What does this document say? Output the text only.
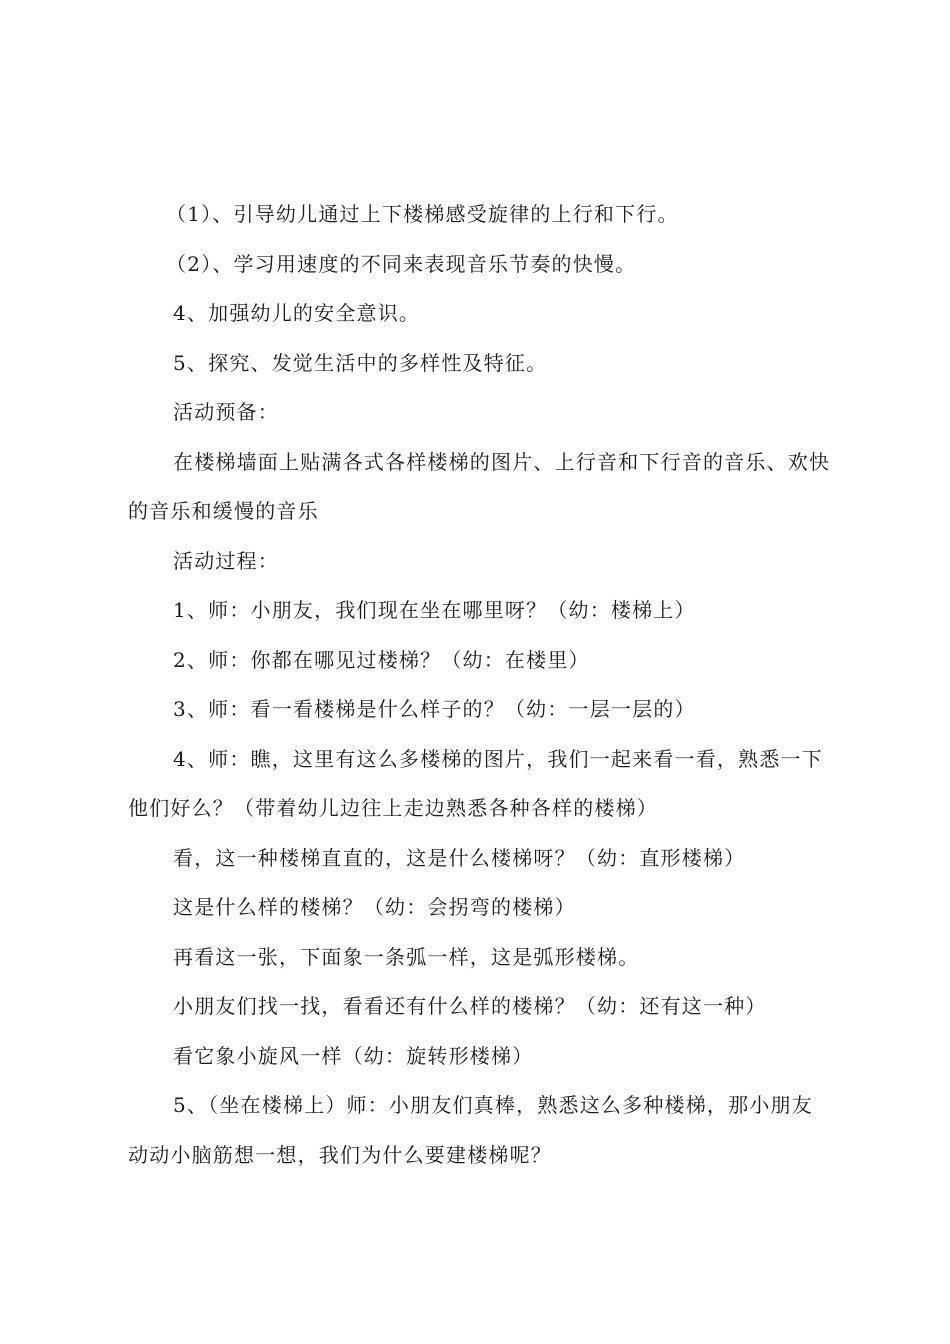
（1）、引导幼儿通过上下楼梯感受旋律的上行和下行。

（2）、学习用速度的不同来表现音乐节奏的快慢。

4、加强幼儿的安全意识。

5、探究、发觉生活中的多样性及特征。

活动预备：

在楼梯墙面上贴满各式各样楼梯的图片、上行音和下行音的音乐、欢快的音乐和缓慢的音乐

活动过程：

1、师：小朋友，我们现在坐在哪里呀？（幼：楼梯上）

2、师：你都在哪见过楼梯？（幼：在楼里）

3、师：看一看楼梯是什么样子的？（幼：一层一层的）

4、师：瞧，这里有这么多楼梯的图片，我们一起来看一看，熟悉一下他们好么？（带着幼儿边往上走边熟悉各种各样的楼梯）

看，这一种楼梯直直的，这是什么楼梯呀？（幼：直形楼梯）

这是什么样的楼梯？（幼：会拐弯的楼梯）

再看这一张，下面象一条弧一样，这是弧形楼梯。

小朋友们找一找，看看还有什么样的楼梯？（幼：还有这一种）

看它象小旋风一样（幼：旋转形楼梯）

5、（坐在楼梯上）师：小朋友们真棒，熟悉这么多种楼梯，那小朋友动动小脑筋想一想，我们为什么要建楼梯呢？
